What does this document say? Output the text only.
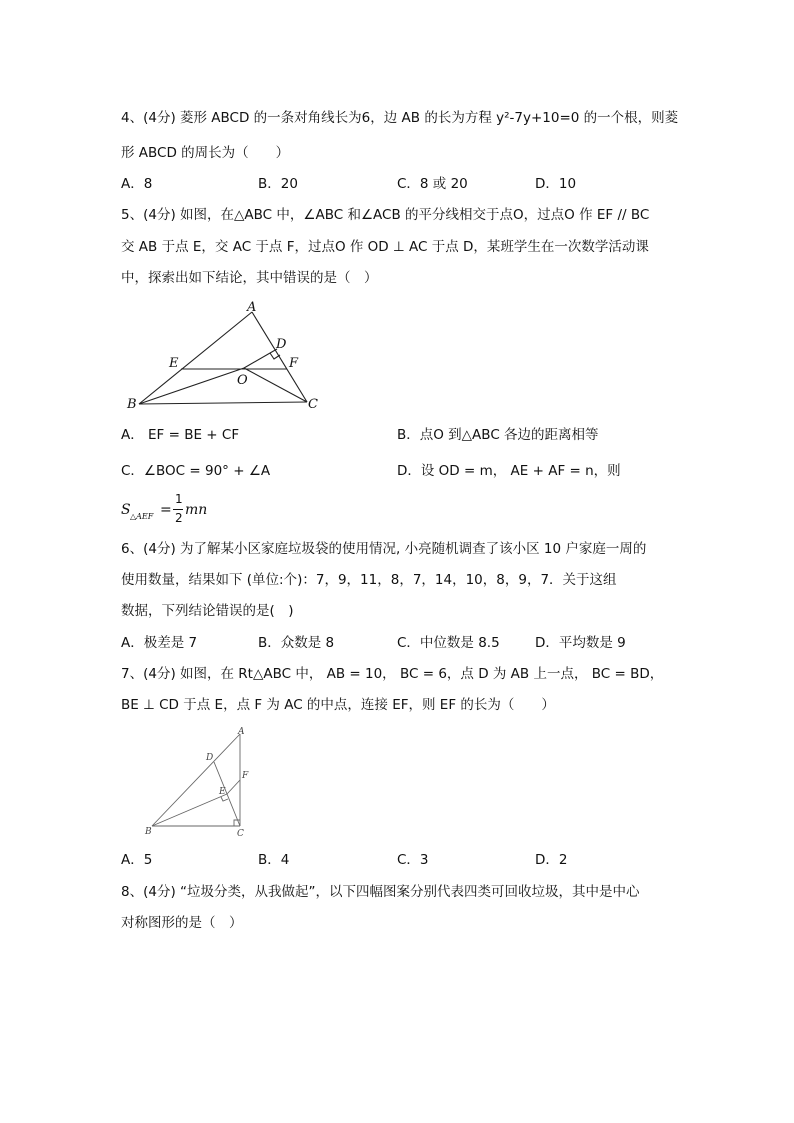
4、(4分) 菱形 ABCD 的一条对角线长为6，边 AB 的长为方程 y²-7y+10=0 的一个根，则菱
形 ABCD 的周长为（　　）
A．8	B．20	C．8 或 20	D．10
5、(4分) 如图，在△ABC 中，∠ABC 和∠ACB 的平分线相交于点O，过点O 作 EF // BC
交 AB 于点 E，交 AC 于点 F，过点O 作 OD ⊥ AC 于点 D，某班学生在一次数学活动课
中，探索出如下结论，其中错误的是（　）
A
D
E	F
O
B	C
A． EF = BE + CF	B．点O 到△ABC 各边的距离相等
C．∠BOC = 90° + ∠A	D．设 OD = m， AE + AF = n，则
S △AEF =
1
2 mn
6、(4分) 为了解某小区家庭垃圾袋的使用情况, 小亮随机调查了该小区 10 户家庭一周的
使用数量，结果如下 (单位:个)：7，9，11，8，7，14，10，8，9，7．关于这组
数据，下列结论错误的是(　)
A．极差是 7	B．众数是 8	C．中位数是 8.5	D．平均数是 9
7、(4分) 如图，在 Rt△ABC 中， AB = 10， BC = 6，点 D 为 AB 上一点， BC = BD，
BE ⊥ CD 于点 E，点 F 为 AC 的中点，连接 EF，则 EF 的长为（　　）
A
D
F
E
B	C
A．5	B．4	C．3	D．2
8、(4分) “垃圾分类，从我做起”，以下四幅图案分别代表四类可回收垃圾，其中是中心
对称图形的是（　）
